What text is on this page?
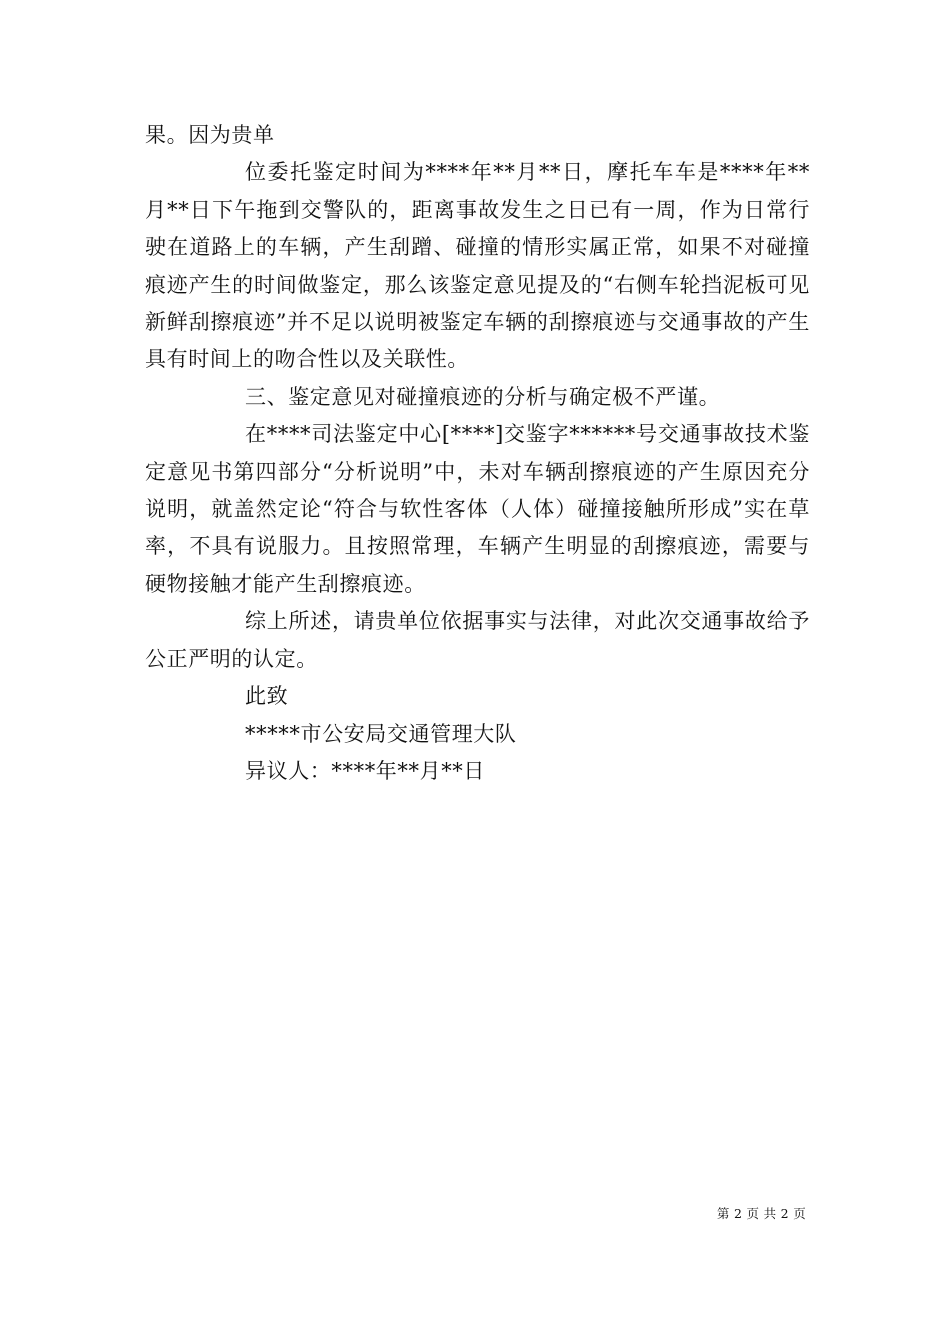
果。因为贵单

位委托鉴定时间为****年**月**日，摩托车车是****年**月**日下午拖到交警队的，距离事故发生之日已有一周，作为日常行驶在道路上的车辆，产生刮蹭、碰撞的情形实属正常，如果不对碰撞痕迹产生的时间做鉴定，那么该鉴定意见提及的“右侧车轮挡泥板可见新鲜刮擦痕迹”并不足以说明被鉴定车辆的刮擦痕迹与交通事故的产生具有时间上的吻合性以及关联性。

三、鉴定意见对碰撞痕迹的分析与确定极不严谨。

在****司法鉴定中心[****]交鉴字******号交通事故技术鉴定意见书第四部分“分析说明”中，未对车辆刮擦痕迹的产生原因充分说明，就盖然定论“符合与软性客体（人体）碰撞接触所形成”实在草率，不具有说服力。且按照常理，车辆产生明显的刮擦痕迹，需要与硬物接触才能产生刮擦痕迹。

综上所述，请贵单位依据事实与法律，对此次交通事故给予公正严明的认定。

此致

*****市公安局交通管理大队

异议人：****年**月**日

第 2 页 共 2 页
